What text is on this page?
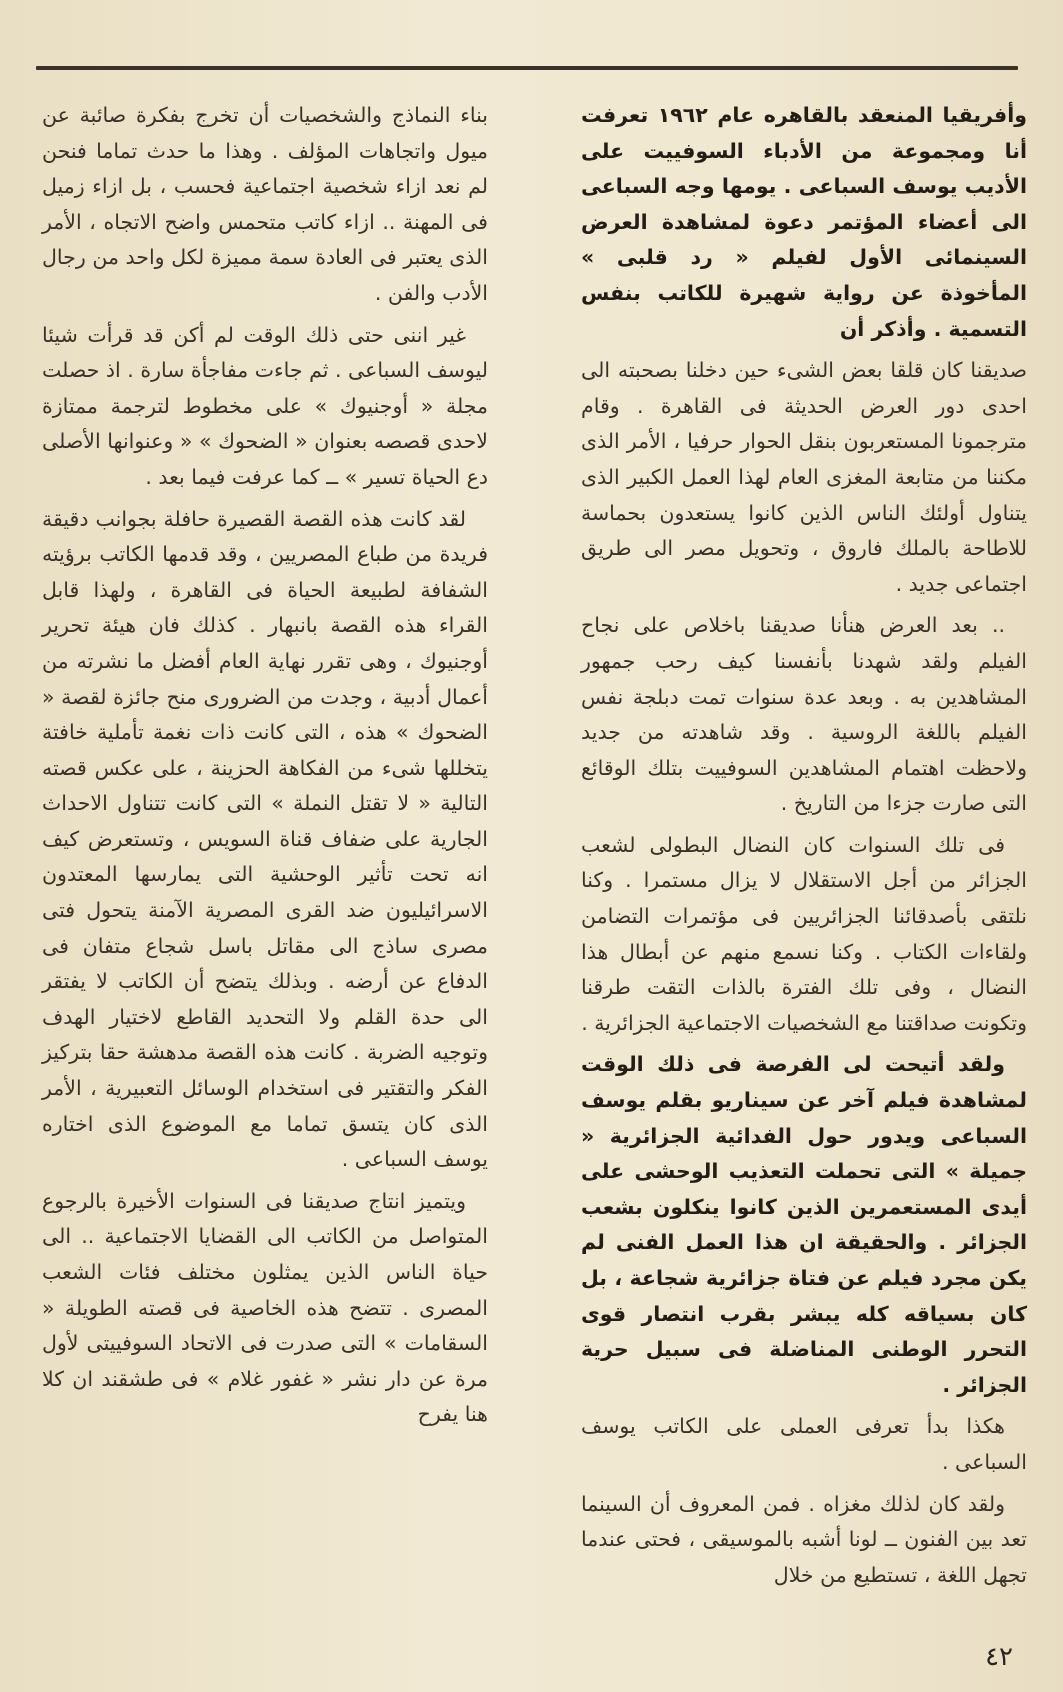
وأفريقيا المنعقد بالقاهره عام ١٩٦٢ تعرفت أنا ومجموعة من الأدباء السوفييت على الأديب يوسف السباعى . يومها وجه السباعى الى أعضاء المؤتمر دعوة لمشاهدة العرض السينمائى الأول لفيلم « رد قلبى » المأخوذة عن رواية شهيرة للكاتب بنفس التسمية . وأذكر أن

صديقنا كان قلقا بعض الشىء حين دخلنا بصحبته الى احدى دور العرض الحديثة فى القاهرة . وقام مترجمونا المستعربون بنقل الحوار حرفيا ، الأمر الذى مكننا من متابعة المغزى العام لهذا العمل الكبير الذى يتناول أولئك الناس الذين كانوا يستعدون بحماسة للاطاحة بالملك فاروق ، وتحويل مصر الى طريق اجتماعى جديد .

.. بعد العرض هنأنا صديقنا باخلاص على نجاح الفيلم ولقد شهدنا بأنفسنا كيف رحب جمهور المشاهدين به . وبعد عدة سنوات تمت دبلجة نفس الفيلم باللغة الروسية . وقد شاهدته من جديد ولاحظت اهتمام المشاهدين السوفييت بتلك الوقائع التى صارت جزءا من التاريخ .

فى تلك السنوات كان النضال البطولى لشعب الجزائر من أجل الاستقلال لا يزال مستمرا . وكنا نلتقى بأصدقائنا الجزائريين فى مؤتمرات التضامن ولقاءات الكتاب . وكنا نسمع منهم عن أبطال هذا النضال ، وفى تلك الفترة بالذات التقت طرقنا وتكونت صداقتنا مع الشخصيات الاجتماعية الجزائرية .

ولقد أتيحت لى الفرصة فى ذلك الوقت لمشاهدة فيلم آخر عن سيناريو بقلم يوسف السباعى ويدور حول الفدائية الجزائرية « جميلة » التى تحملت التعذيب الوحشى على أيدى المستعمرين الذين كانوا ينكلون بشعب الجزائر . والحقيقة ان هذا العمل الفنى لم يكن مجرد فيلم عن فتاة جزائرية شجاعة ، بل كان بسياقه كله يبشر بقرب انتصار قوى التحرر الوطنى المناضلة فى سبيل حرية الجزائر .

هكذا بدأ تعرفى العملى على الكاتب يوسف السباعى .

ولقد كان لذلك مغزاه . فمن المعروف أن السينما تعد بين الفنون ــ لونا أشبه بالموسيقى ، فحتى عندما تجهل اللغة ، تستطيع من خلال

بناء النماذج والشخصيات أن تخرج بفكرة صائبة عن ميول واتجاهات المؤلف . وهذا ما حدث تماما فنحن لم نعد ازاء شخصية اجتماعية فحسب ، بل ازاء زميل فى المهنة .. ازاء كاتب متحمس واضح الاتجاه ، الأمر الذى يعتبر فى العادة سمة مميزة لكل واحد من رجال الأدب والفن .

غير اننى حتى ذلك الوقت لم أكن قد قرأت شيئا ليوسف السباعى . ثم جاءت مفاجأة سارة . اذ حصلت مجلة « أوجنيوك » على مخطوط لترجمة ممتازة لاحدى قصصه بعنوان « الضحوك » « وعنوانها الأصلى دع الحياة تسير » ــ كما عرفت فيما بعد .

لقد كانت هذه القصة القصيرة حافلة بجوانب دقيقة فريدة من طباع المصريين ، وقد قدمها الكاتب برؤيته الشفافة لطبيعة الحياة فى القاهرة ، ولهذا قابل القراء هذه القصة بانبهار . كذلك فان هيئة تحرير أوجنيوك ، وهى تقرر نهاية العام أفضل ما نشرته من أعمال أدبية ، وجدت من الضرورى منح جائزة لقصة « الضحوك » هذه ، التى كانت ذات نغمة تأملية خافتة يتخللها شىء من الفكاهة الحزينة ، على عكس قصته التالية « لا تقتل النملة » التى كانت تتناول الاحداث الجارية على ضفاف قناة السويس ، وتستعرض كيف انه تحت تأثير الوحشية التى يمارسها المعتدون الاسرائيليون ضد القرى المصرية الآمنة يتحول فتى مصرى ساذج الى مقاتل باسل شجاع متفان فى الدفاع عن أرضه . وبذلك يتضح أن الكاتب لا يفتقر الى حدة القلم ولا التحديد القاطع لاختيار الهدف وتوجيه الضربة . كانت هذه القصة مدهشة حقا بتركيز الفكر والتقتير فى استخدام الوسائل التعبيرية ، الأمر الذى كان يتسق تماما مع الموضوع الذى اختاره يوسف السباعى .

ويتميز انتاج صديقنا فى السنوات الأخيرة بالرجوع المتواصل من الكاتب الى القضايا الاجتماعية .. الى حياة الناس الذين يمثلون مختلف فئات الشعب المصرى . تتضح هذه الخاصية فى قصته الطويلة « السقامات » التى صدرت فى الاتحاد السوفييتى لأول مرة عن دار نشر « غفور غلام » فى طشقند ان كلا هنا يفرح

٤٢
